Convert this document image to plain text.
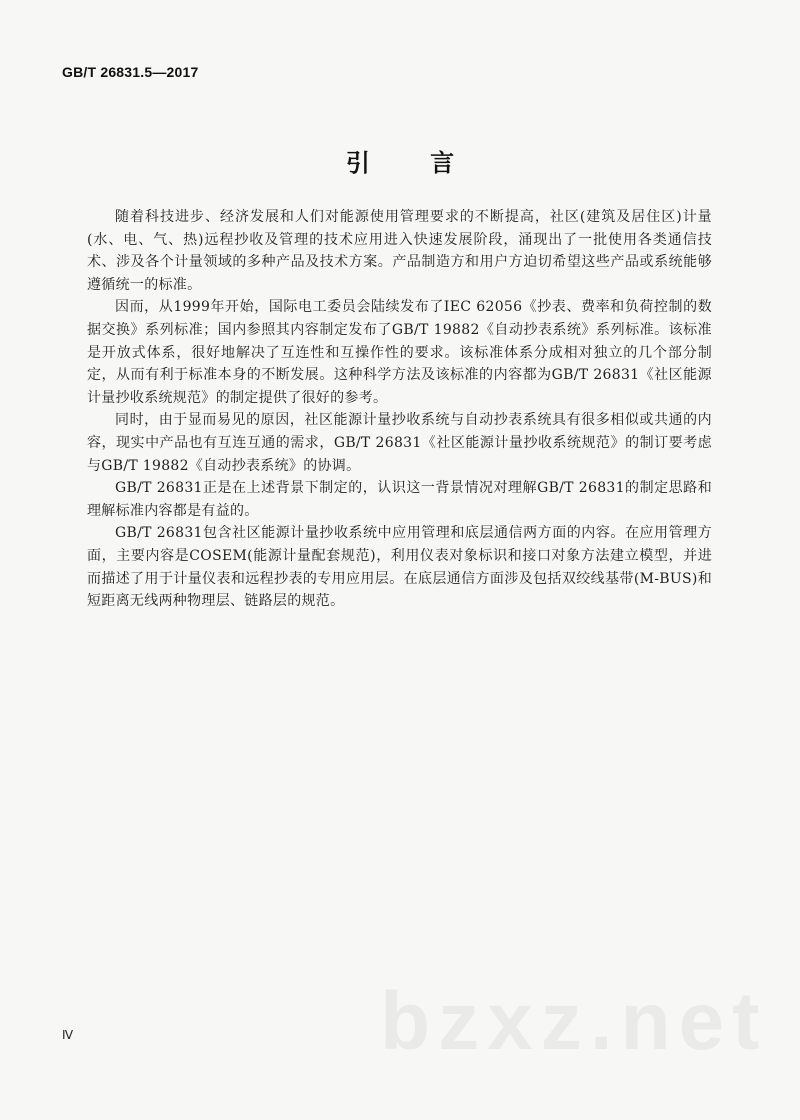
GB/T 26831.5—2017
引 言

随着科技进步、经济发展和人们对能源使用管理要求的不断提高，社区(建筑及居住区)计量(水、电、气、热)远程抄收及管理的技术应用进入快速发展阶段，涌现出了一批使用各类通信技术、涉及各个计量领域的多种产品及技术方案。产品制造方和用户方迫切希望这些产品或系统能够遵循统一的标准。

因而，从1999年开始，国际电工委员会陆续发布了IEC 62056《抄表、费率和负荷控制的数据交换》系列标准；国内参照其内容制定发布了GB/T 19882《自动抄表系统》系列标准。该标准是开放式体系，很好地解决了互连性和互操作性的要求。该标准体系分成相对独立的几个部分制定，从而有利于标准本身的不断发展。这种科学方法及该标准的内容都为GB/T 26831《社区能源计量抄收系统规范》的制定提供了很好的参考。

同时，由于显而易见的原因，社区能源计量抄收系统与自动抄表系统具有很多相似或共通的内容，现实中产品也有互连互通的需求，GB/T 26831《社区能源计量抄收系统规范》的制订要考虑与GB/T 19882《自动抄表系统》的协调。

GB/T 26831正是在上述背景下制定的，认识这一背景情况对理解GB/T 26831的制定思路和理解标准内容都是有益的。

GB/T 26831包含社区能源计量抄收系统中应用管理和底层通信两方面的内容。在应用管理方面，主要内容是COSEM(能源计量配套规范)，利用仪表对象标识和接口对象方法建立模型，并进而描述了用于计量仪表和远程抄表的专用应用层。在底层通信方面涉及包括双绞线基带(M-BUS)和短距离无线两种物理层、链路层的规范。

bzxz.net
Ⅳ
